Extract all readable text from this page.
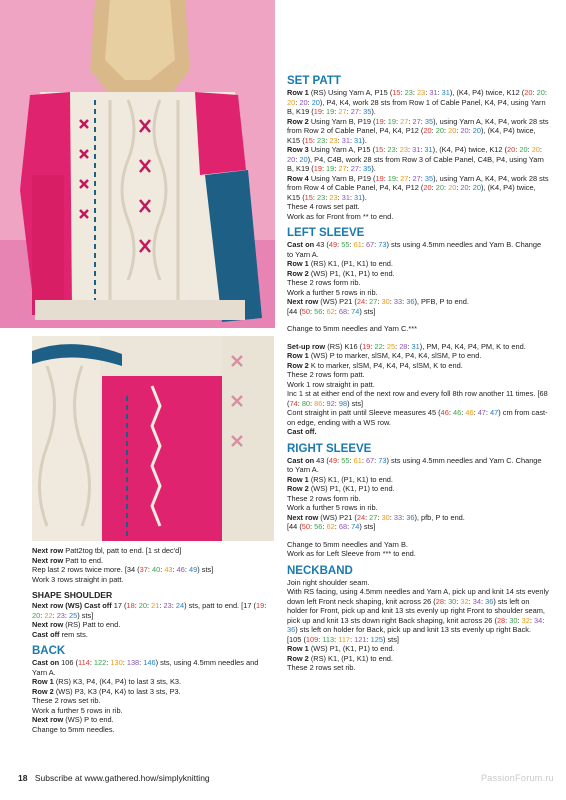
Next row Patt2tog tbl, patt to end. [1 st dec'd]

Next row Patt to end.

Rep last 2 rows twice more. [34 (37: 40: 43: 46: 49) sts]

Work 3 rows straight in patt.

SHAPE SHOULDER

Next row (WS) Cast off 17 (18: 20: 21: 23: 24) sts, patt to end. [17 (19: 20: 22: 23: 25) sts]

Next row (RS) Patt to end.

Cast off rem sts.

BACK

Cast on 106 (114: 122: 130: 138: 146) sts, using 4.5mm needles and Yarn A.

Row 1 (RS) K3, P4, (K4, P4) to last 3 sts, K3.

Row 2 (WS) P3, K3 (P4, K4) to last 3 sts, P3.

These 2 rows set rib.

Work a further 5 rows in rib.

Next row (WS) P to end.

Change to 5mm needles.

SET PATT

Row 1 (RS) Using Yarn A, P15 (15: 23: 23: 31: 31), (K4, P4) twice, K12 (20: 20: 20: 20: 20), P4, K4, work 28 sts from Row 1 of Cable Panel, K4, P4, using Yarn B, K19 (19: 19: 27: 27: 35).

Row 2 Using Yarn B, P19 (19: 19: 27: 27: 35), using Yarn A, K4, P4, work 28 sts from Row 2 of Cable Panel, P4, K4, P12 (20: 20: 20: 20: 20), (K4, P4) twice, K15 (15: 23: 23: 31: 31).

Row 3 Using Yarn A, P15 (15: 23: 23: 31: 31), (K4, P4) twice, K12 (20: 20: 20: 20: 20), P4, C4B, work 28 sts from Row 3 of Cable Panel, C4B, P4, using Yarn B, K19 (19: 19: 27: 27: 35).

Row 4 Using Yarn B, P19 (19: 19: 27: 27: 35), using Yarn A, K4, P4, work 28 sts from Row 4 of Cable Panel, P4, K4, P12 (20: 20: 20: 20: 20), (K4, P4) twice, K15 (15: 23: 23: 31: 31).

These 4 rows set patt.

Work as for Front from ** to end.

LEFT SLEEVE

Cast on 43 (49: 55: 61: 67: 73) sts using 4.5mm needles and Yarn B. Change to Yarn A.

Row 1 (RS) K1, (P1, K1) to end.

Row 2 (WS) P1, (K1, P1) to end.

These 2 rows form rib.

Work a further 5 rows in rib.

Next row (WS) P21 (24: 27: 30: 33: 36), PFB, P to end.

[44 (50: 56: 62: 68: 74) sts]

Change to 5mm needles and Yarn C.***

Set-up row (RS) K16 (19: 22: 25: 28: 31), PM, P4, K4, P4, PM, K to end.

Row 1 (WS) P to marker, slSM, K4, P4, K4, slSM, P to end.

Row 2 K to marker, slSM, P4, K4, P4, slSM, K to end.

These 2 rows form patt.

Work 1 row straight in patt.

Inc 1 st at either end of the next row and every foll 8th row another 11 times. [68 (74: 80: 86: 92: 98) sts]

Cont straight in patt until Sleeve measures 45 (46: 46: 46: 47: 47) cm from cast-on edge, ending with a WS row.

Cast off.

RIGHT SLEEVE

Cast on 43 (49: 55: 61: 67: 73) sts using 4.5mm needles and Yarn C. Change to Yarn A.

Row 1 (RS) K1, (P1, K1) to end.

Row 2 (WS) P1, (K1, P1) to end.

These 2 rows form rib.

Work a further 5 rows in rib.

Next row (WS) P21 (24: 27: 30: 33: 36), pfb, P to end.

[44 (50: 56: 62: 68: 74) sts]

Change to 5mm needles and Yarn B.

Work as for Left Sleeve from *** to end.

NECKBAND

Join right shoulder seam.

With RS facing, using 4.5mm needles and Yarn A, pick up and knit 14 sts evenly down left Front neck shaping, knit across 26 (28: 30: 32: 34: 36) sts left on holder for Front, pick up and knit 13 sts evenly up right Front to shoulder seam, pick up and knit 13 sts down right Back shaping, knit across 26 (28: 30: 32: 34: 36) sts left on holder for Back, pick up and knit 13 sts evenly up right Back.

[105 (109: 113: 117: 121: 125) sts]

Row 1 (WS) P1, (K1, P1) to end.

Row 2 (RS) K1, (P1, K1) to end.

These 2 rows set rib.

18 Subscribe at www.gathered.how/simplyknitting	PassionForum.ru
